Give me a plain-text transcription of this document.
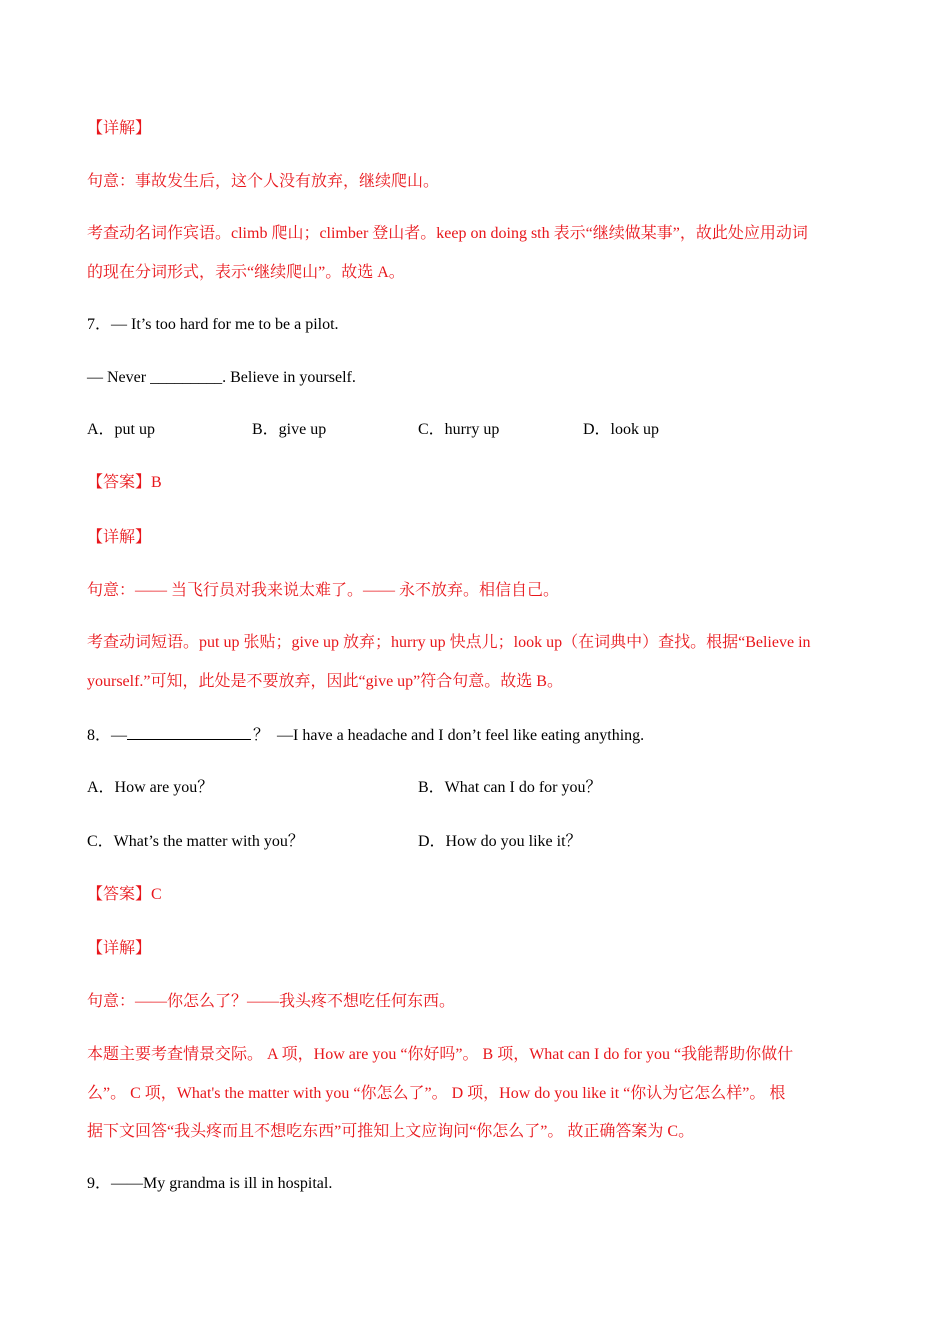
【详解】
句意：事故发生后，这个人没有放弃，继续爬山。
考查动名词作宾语。climb 爬山；climber 登山者。keep on doing sth 表示“继续做某事”，故此处应用动词
的现在分词形式，表示“继续爬山”。故选 A。
7．— It’s too hard for me to be a pilot.
— Never _________. Believe in yourself.
A．put up	B．give up	C．hurry up	D．look up
【答案】B
【详解】
句意：—— 当飞行员对我来说太难了。—— 永不放弃。相信自己。
考查动词短语。put up 张贴；give up 放弃；hurry up 快点儿；look up（在词典中）查找。根据“Believe in
yourself.”可知，此处是不要放弃，因此“give up”符合句意。故选 B。
8．—	？ —I have a headache and I don’t feel like eating anything.
A．How are you？	B．What can I do for you？
C．What’s the matter with you？	D．How do you like it？
【答案】C
【详解】
句意：——你怎么了？——我头疼不想吃任何东西。
本题主要考查情景交际。 A 项，How are you “你好吗”。 B 项，What can I do for you “我能帮助你做什
么”。 C 项，What's the matter with you “你怎么了”。 D 项，How do you like it “你认为它怎么样”。 根
据下文回答“我头疼而且不想吃东西”可推知上文应询问“你怎么了”。 故正确答案为 C。
9．——My grandma is ill in hospital.
